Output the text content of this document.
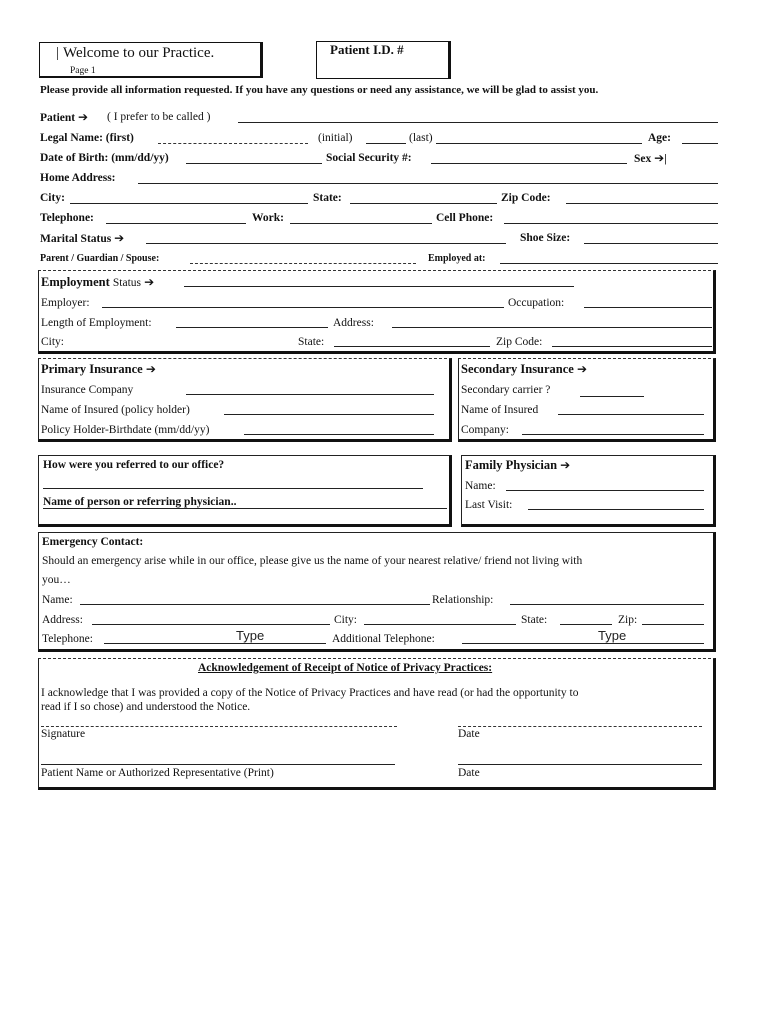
| Welcome to our Practice.
Page 1
Patient I.D. #
Please provide all information requested. If you have any questions or need any assistance, we will be glad to assist you.
Patient ➔ ( I prefer to be called )
Legal Name: (first)	(initial)	(last)	Age:
Date of Birth: (mm/dd/yy)	Social Security #:	Sex ➔|
Home Address:
City:	State:	Zip Code:
Telephone:	Work:	Cell Phone:
Marital Status ➔	Shoe Size:
Parent / Guardian / Spouse:	Employed at:
Employment Status ➔
Employer:	Occupation:
Length of Employment:	Address:
City:	State:	Zip Code:
Primary Insurance ➔
Insurance Company
Name of Insured (policy holder)
Policy Holder-Birthdate (mm/dd/yy)
Secondary Insurance ➔
Secondary carrier ?
Name of Insured
Company:
How were you referred to our office?
Name of person or referring physician..
Family Physician ➔
Name:
Last Visit:
Emergency Contact:
Should an emergency arise while in our office, please give us the name of your nearest relative/ friend not living with
you…
Name:	Relationship:
Address:	City:	State:	Zip:
Telephone:	Type	Additional Telephone:	Type
Acknowledgement of Receipt of Notice of Privacy Practices:
I acknowledge that I was provided a copy of the Notice of Privacy Practices and have read (or had the opportunity to
read if I so chose) and understood the Notice.
Signature	Date
Patient Name or Authorized Representative (Print)	Date
